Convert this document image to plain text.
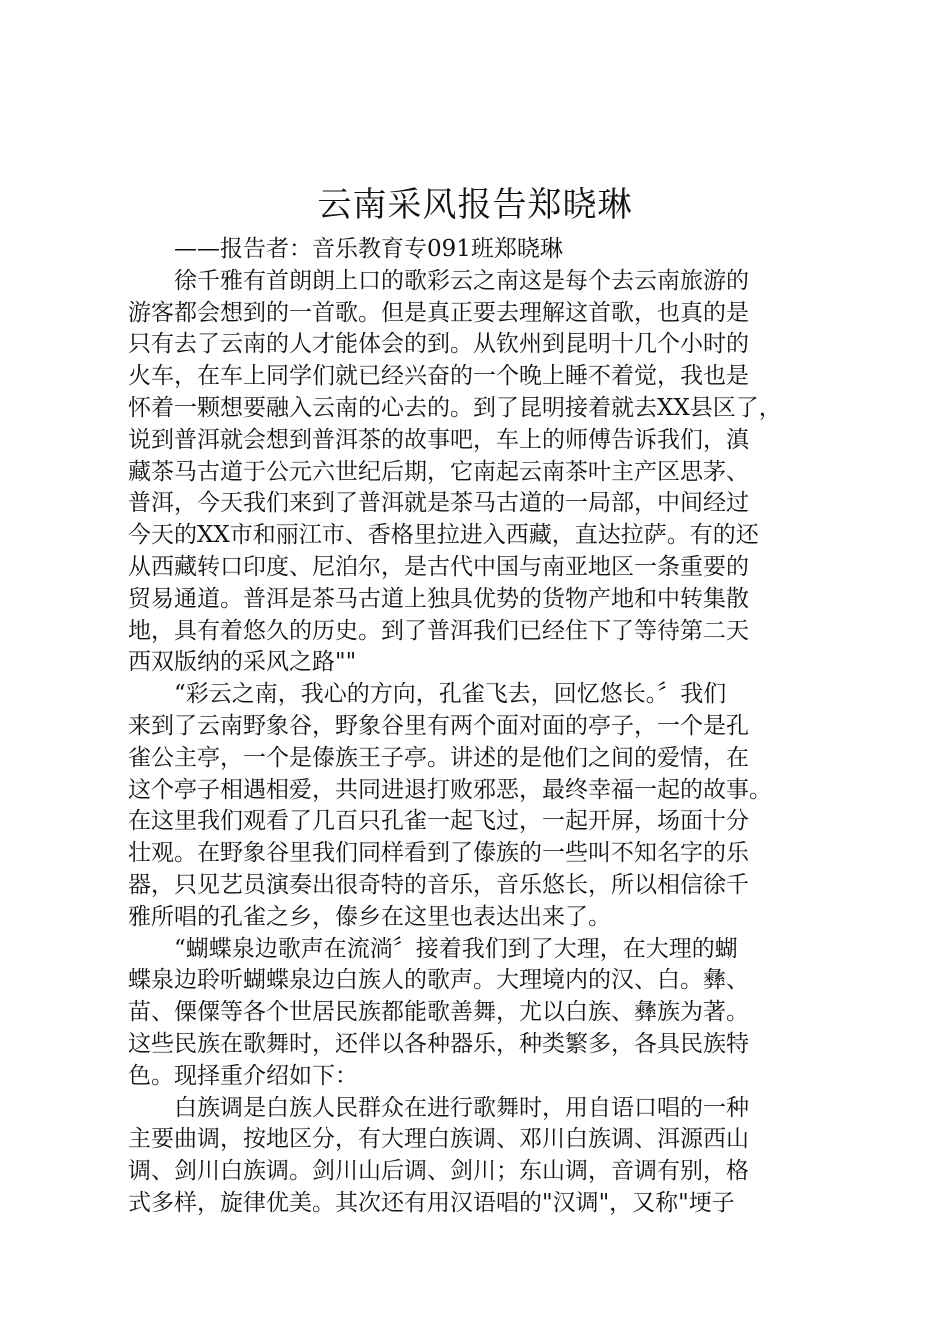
云南采风报告郑晓琳

——报告者：音乐教育专091班郑晓琳

徐千雅有首朗朗上口的歌彩云之南这是每个去云南旅游的

游客都会想到的一首歌。但是真正要去理解这首歌，也真的是

只有去了云南的人才能体会的到。从钦州到昆明十几个小时的

火车，在车上同学们就已经兴奋的一个晚上睡不着觉，我也是

怀着一颗想要融入云南的心去的。到了昆明接着就去XX县区了，

说到普洱就会想到普洱茶的故事吧，车上的师傅告诉我们，滇

藏茶马古道于公元六世纪后期，它南起云南茶叶主产区思茅、

普洱，今天我们来到了普洱就是茶马古道的一局部，中间经过

今天的XX市和丽江市、香格里拉进入西藏，直达拉萨。有的还

从西藏转口印度、尼泊尔，是古代中国与南亚地区一条重要的

贸易通道。普洱是茶马古道上独具优势的货物产地和中转集散

地，具有着悠久的历史。到了普洱我们已经住下了等待第二天

西双版纳的采风之路""

“彩云之南，我心的方向，孔雀飞去，回忆悠长。〞我们

来到了云南野象谷，野象谷里有两个面对面的亭子，一个是孔

雀公主亭，一个是傣族王子亭。讲述的是他们之间的爱情，在

这个亭子相遇相爱，共同进退打败邪恶，最终幸福一起的故事。

在这里我们观看了几百只孔雀一起飞过，一起开屏，场面十分

壮观。在野象谷里我们同样看到了傣族的一些叫不知名字的乐

器，只见艺员演奏出很奇特的音乐，音乐悠长，所以相信徐千

雅所唱的孔雀之乡，傣乡在这里也表达出来了。

“蝴蝶泉边歌声在流淌〞接着我们到了大理，在大理的蝴

蝶泉边聆听蝴蝶泉边白族人的歌声。大理境内的汉、白。彝、

苗、傈僳等各个世居民族都能歌善舞，尤以白族、彝族为著。

这些民族在歌舞时，还伴以各种器乐，种类繁多，各具民族特

色。现择重介绍如下：

白族调是白族人民群众在进行歌舞时，用自语口唱的一种

主要曲调，按地区分，有大理白族调、邓川白族调、洱源西山

调、剑川白族调。剑川山后调、剑川；东山调，音调有别，格

式多样，旋律优美。其次还有用汉语唱的"汉调"，又称"埂子
